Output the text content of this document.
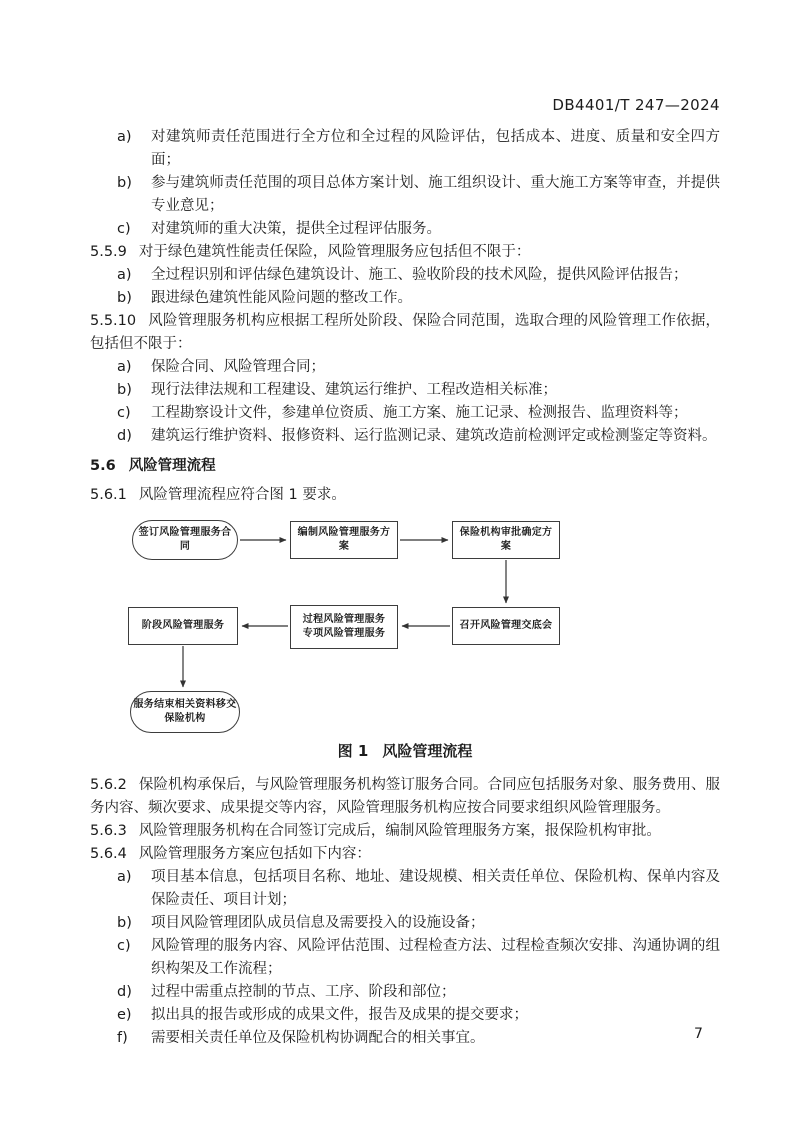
DB4401/T 247—2024
a)	对建筑师责任范围进行全方位和全过程的风险评估，包括成本、进度、质量和安全四方面；
b)	参与建筑师责任范围的项目总体方案计划、施工组织设计、重大施工方案等审查，并提供专业意见；
c)	对建筑师的重大决策，提供全过程评估服务。

5.5.9 对于绿色建筑性能责任保险，风险管理服务应包括但不限于：

a)	全过程识别和评估绿色建筑设计、施工、验收阶段的技术风险，提供风险评估报告；
b)	跟进绿色建筑性能风险问题的整改工作。

5.5.10 风险管理服务机构应根据工程所处阶段、保险合同范围，选取合理的风险管理工作依据，包括但不限于：

a)	保险合同、风险管理合同；
b)	现行法律法规和工程建设、建筑运行维护、工程改造相关标准；
c)	工程勘察设计文件，参建单位资质、施工方案、施工记录、检测报告、监理资料等；
d)	建筑运行维护资料、报修资料、运行监测记录、建筑改造前检测评定或检测鉴定等资料。
5.6 风险管理流程

5.6.1 风险管理流程应符合图 1 要求。

签订风险管理服务合同
编制风险管理服务方案
保险机构审批确定方案
召开风险管理交底会
过程风险管理服务
专项风险管理服务
阶段风险管理服务
服务结束相关资料移交
保险机构
图 1 风险管理流程

5.6.2 保险机构承保后，与风险管理服务机构签订服务合同。合同应包括服务对象、服务费用、服务内容、频次要求、成果提交等内容，风险管理服务机构应按合同要求组织风险管理服务。

5.6.3 风险管理服务机构在合同签订完成后，编制风险管理服务方案，报保险机构审批。

5.6.4 风险管理服务方案应包括如下内容：

a)	项目基本信息，包括项目名称、地址、建设规模、相关责任单位、保险机构、保单内容及保险责任、项目计划；
b)	项目风险管理团队成员信息及需要投入的设施设备；
c)	风险管理的服务内容、风险评估范围、过程检查方法、过程检查频次安排、沟通协调的组织构架及工作流程；
d)	过程中需重点控制的节点、工序、阶段和部位；
e)	拟出具的报告或形成的成果文件，报告及成果的提交要求；
f)	需要相关责任单位及保险机构协调配合的相关事宜。	7
